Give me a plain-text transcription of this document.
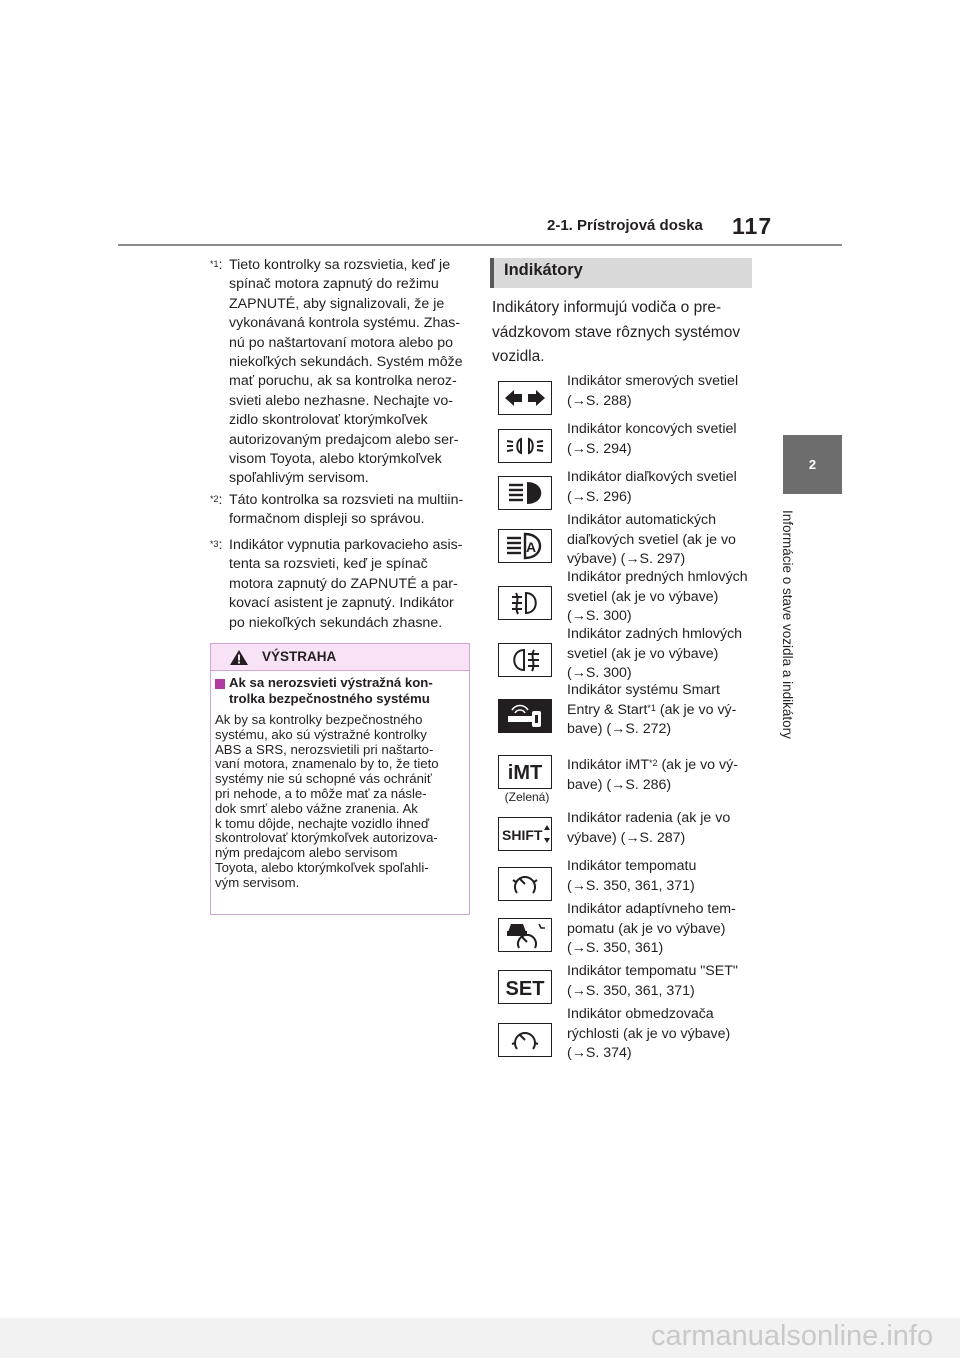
2-1. Prístrojová doska 117
2
Informácie o stave vozidla a indikátory
$^{*1}$: Tieto kontrolky sa rozsvietia, keď je
spínač motora zapnutý do režimu
ZAPNUTÉ, aby signalizovali, že je
vykonávaná kontrola systému. Zhas-
nú po naštartovaní motora alebo po
niekoľkých sekundách. Systém môže
mať poruchu, ak sa kontrolka neroz-
svieti alebo nezhasne. Nechajte vo-
zidlo skontrolovať ktorýmkoľvek
autorizovaným predajcom alebo ser-
visom Toyota, alebo ktorýmkoľvek
spoľahlivým servisom.
$^{*2}$: Táto kontrolka sa rozsvieti na multiin-
formačnom displeji so správou.
$^{*3}$: Indikátor vypnutia parkovacieho asis-
tenta sa rozsvieti, keď je spínač
motora zapnutý do ZAPNUTÉ a par-
kovací asistent je zapnutý. Indikátor
po niekoľkých sekundách zhasne.
VÝSTRAHA
Ak sa nerozsvieti výstražná kon-
trolka bezpečnostného systému
Ak by sa kontrolky bezpečnostného
systému, ako sú výstražné kontrolky
ABS a SRS, nerozsvietili pri naštarto-
vaní motora, znamenalo by to, že tieto
systémy nie sú schopné vás ochrániť
pri nehode, a to môže mať za násle-
dok smrť alebo vážne zranenia. Ak
k tomu dôjde, nechajte vozidlo ihneď
skontrolovať ktorýmkoľvek autorizova-
ným predajcom alebo servisom
Toyota, alebo ktorýmkoľvek spoľahli-
vým servisom.
Indikátory
Indikátory informujú vodiča o pre-
vádzkovom stave rôznych systémov
vozidla.
Indikátor smerových svetiel
(→S. 288)
Indikátor koncových svetiel
(→S. 294)
Indikátor diaľkových svetiel
(→S. 296)
A
Indikátor automatických
diaľkových svetiel (ak je vo
výbave) (→S. 297)
Indikátor predných hmlových
svetiel (ak je vo výbave)
(→S. 300)
Indikátor zadných hmlových
svetiel (ak je vo výbave)
(→S. 300)
Indikátor systému Smart
Entry & Start$^{*1}$ (ak je vo vý-
bave) (→S. 272)
iMT
(Zelená)
Indikátor iMT$^{*2}$ (ak je vo vý-
bave) (→S. 286)
SHIFT
Indikátor radenia (ak je vo
výbave) (→S. 287)
Indikátor tempomatu
(→S. 350, 361, 371)
Indikátor adaptívneho tem-
pomatu (ak je vo výbave)
(→S. 350, 361)
SET
Indikátor tempomatu "SET"
(→S. 350, 361, 371)
Indikátor obmedzovača
rýchlosti (ak je vo výbave)
(→S. 374)
carmanualsonline.info
